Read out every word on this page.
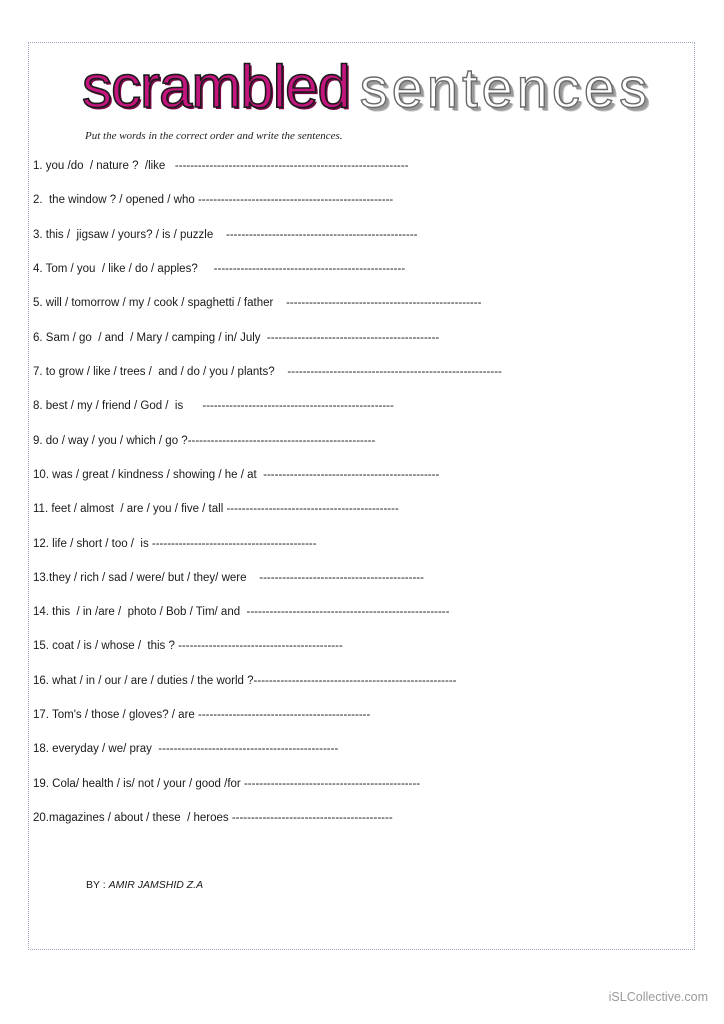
scrambled sentences
Put the words in the correct order and write the sentences.
1. you /do  / nature ?  /like   -------------------------------------------------------------
2.  the window ? / opened / who ---------------------------------------------------
3. this /  jigsaw / yours? / is / puzzle    --------------------------------------------------
4. Tom / you  / like / do / apples?     --------------------------------------------------
5. will / tomorrow / my / cook / spaghetti / father    ---------------------------------------------------
6. Sam / go  / and  / Mary / camping / in/ July  ---------------------------------------------
7. to grow / like / trees /  and / do / you / plants?    --------------------------------------------------------
8. best / my / friend / God /  is      --------------------------------------------------
9. do / way / you / which / go ?-------------------------------------------------
10. was / great / kindness / showing / he / at  ----------------------------------------------
11. feet / almost  / are / you / five / tall ---------------------------------------------
12. life / short / too /  is -------------------------------------------
13.they / rich / sad / were/ but / they/ were    -------------------------------------------
14. this  / in /are /  photo / Bob / Tim/ and  -----------------------------------------------------
15. coat / is / whose /  this ? -------------------------------------------
16. what / in / our / are / duties / the world ?-----------------------------------------------------
17. Tom's / those / gloves? / are ---------------------------------------------
18. everyday / we/ pray  -----------------------------------------------
19. Cola/ health / is/ not / your / good /for ----------------------------------------------
20.magazines / about / these  / heroes ------------------------------------------
BY : AMIR JAMSHID Z.A
iSLCollective.com
